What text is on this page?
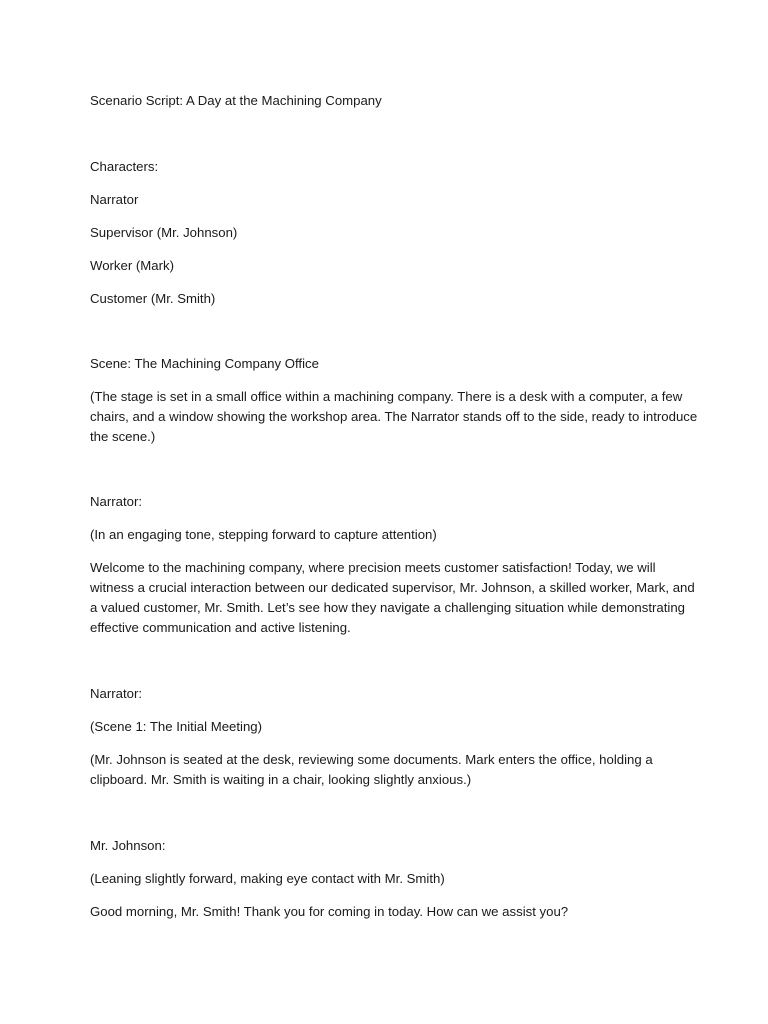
Scenario Script: A Day at the Machining Company

Characters:

Narrator

Supervisor (Mr. Johnson)

Worker (Mark)

Customer (Mr. Smith)

Scene: The Machining Company Office

(The stage is set in a small office within a machining company. There is a desk with a computer, a few

chairs, and a window showing the workshop area. The Narrator stands off to the side, ready to introduce

the scene.)

Narrator:

(In an engaging tone, stepping forward to capture attention)

Welcome to the machining company, where precision meets customer satisfaction! Today, we will

witness a crucial interaction between our dedicated supervisor, Mr. Johnson, a skilled worker, Mark, and

a valued customer, Mr. Smith. Let’s see how they navigate a challenging situation while demonstrating

effective communication and active listening.

Narrator:

(Scene 1: The Initial Meeting)

(Mr. Johnson is seated at the desk, reviewing some documents. Mark enters the office, holding a

clipboard. Mr. Smith is waiting in a chair, looking slightly anxious.)

Mr. Johnson:

(Leaning slightly forward, making eye contact with Mr. Smith)

Good morning, Mr. Smith! Thank you for coming in today. How can we assist you?
